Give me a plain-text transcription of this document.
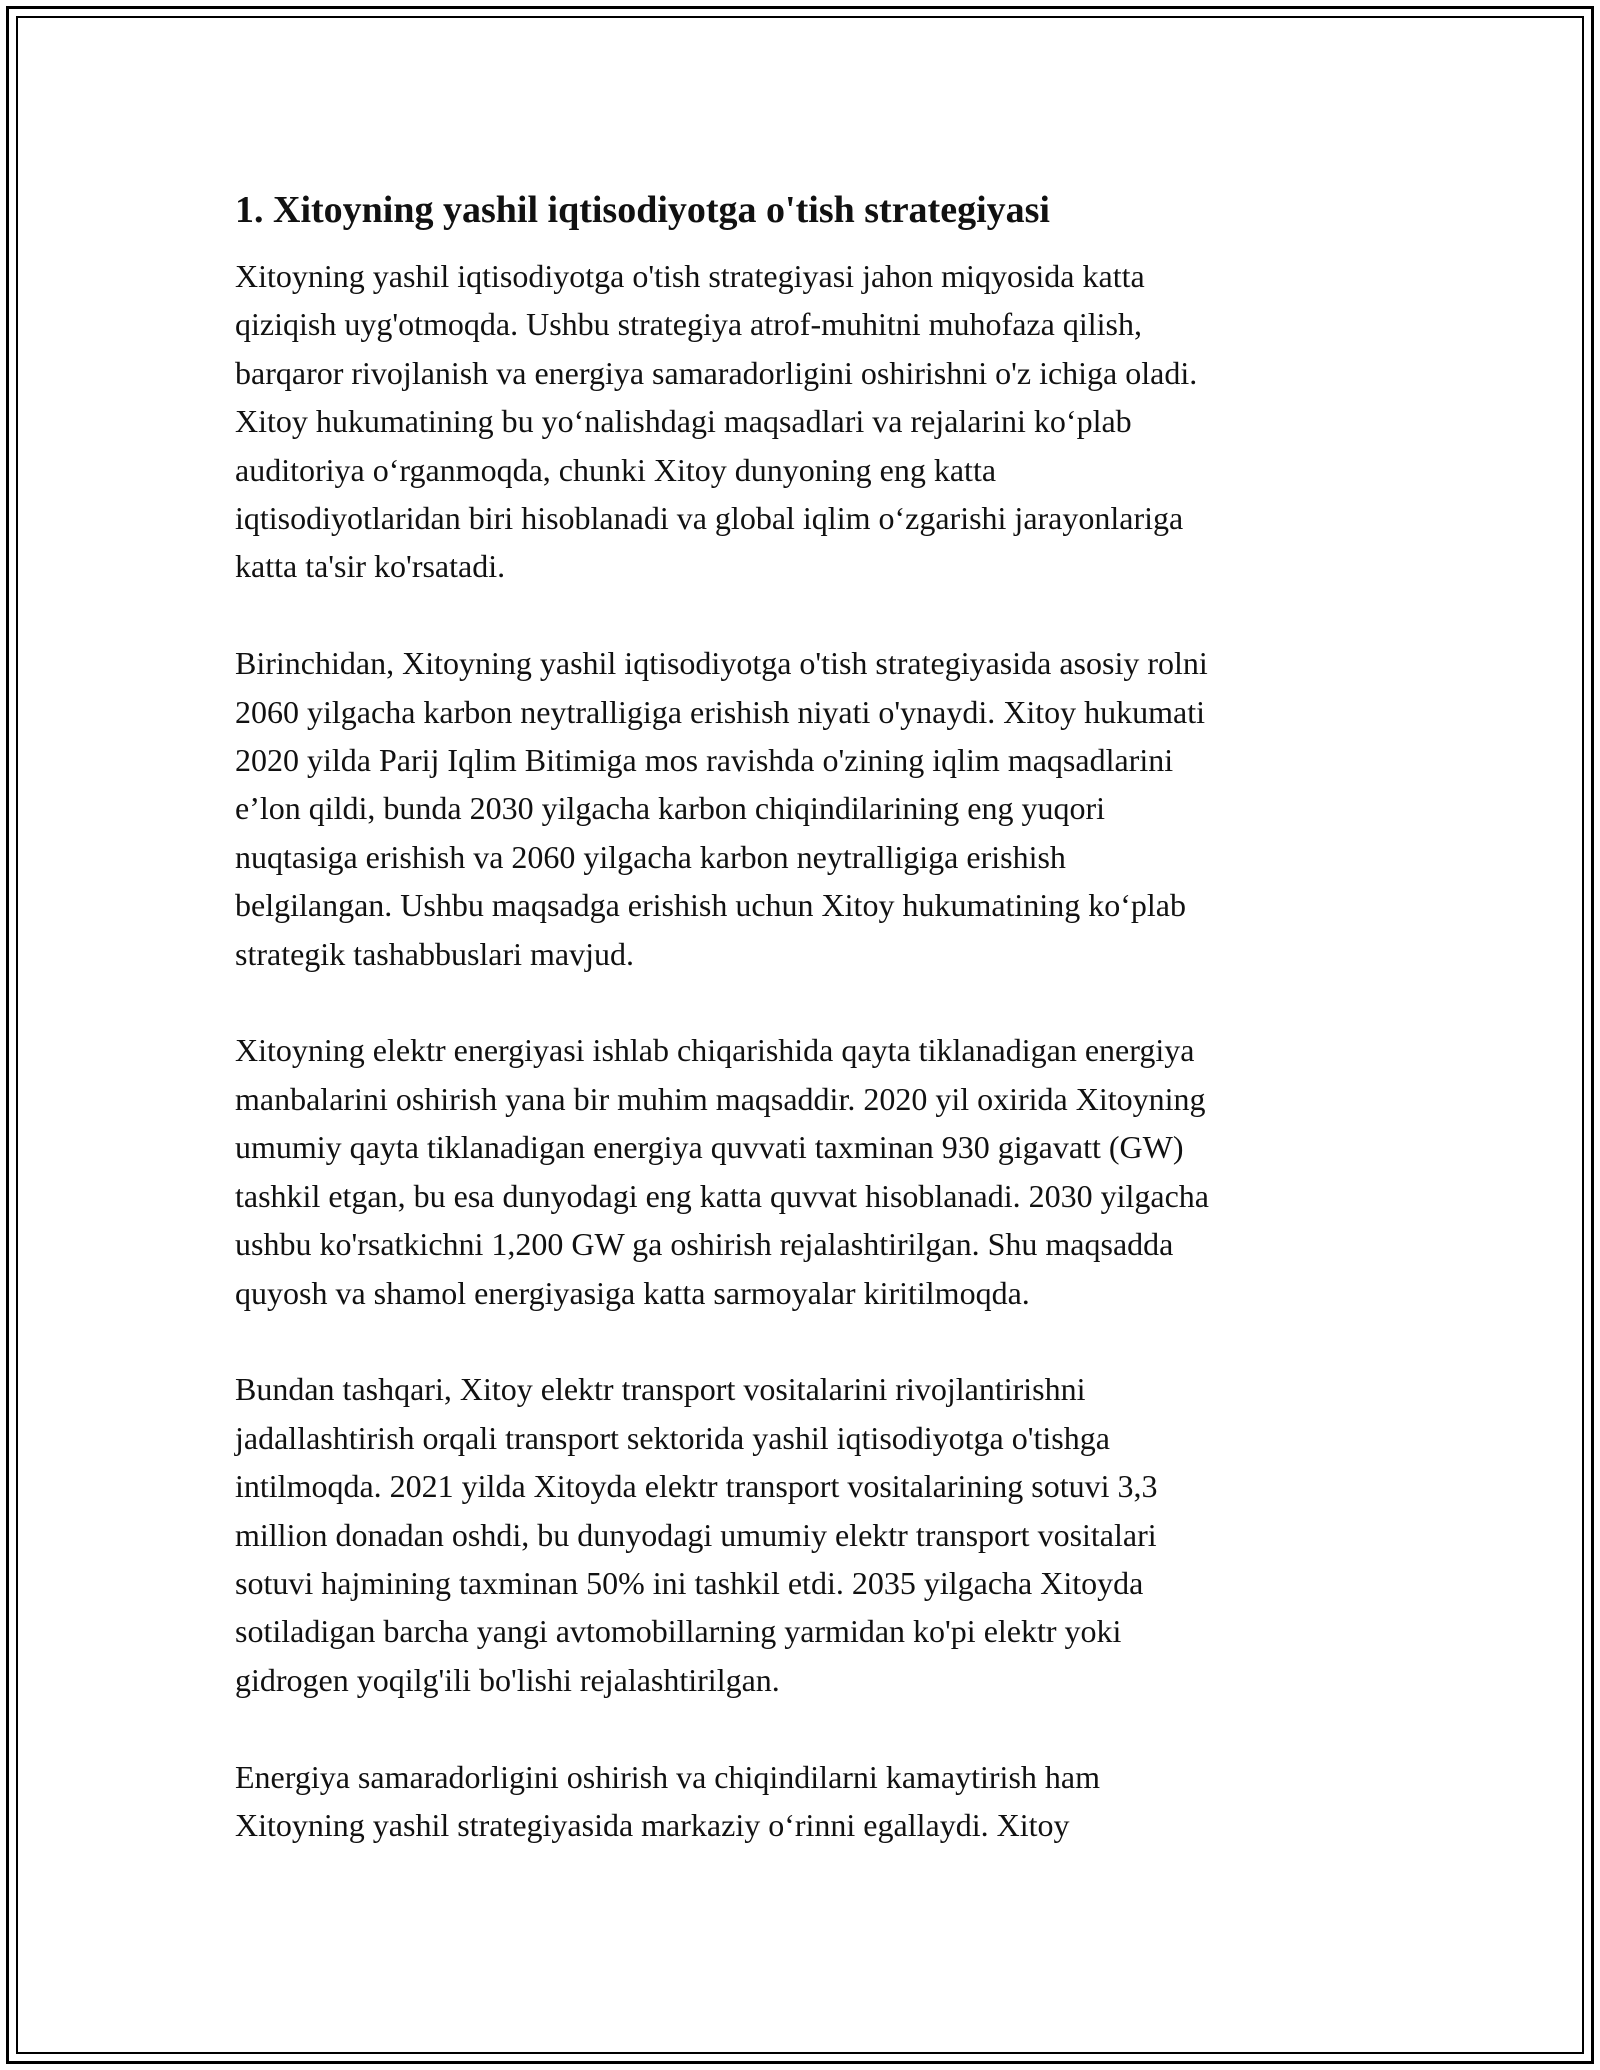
1. Xitoyning yashil iqtisodiyotga o'tish strategiyasi
Xitoyning yashil iqtisodiyotga o'tish strategiyasi jahon miqyosida katta
qiziqish uyg'otmoqda. Ushbu strategiya atrof-muhitni muhofaza qilish,
barqaror rivojlanish va energiya samaradorligini oshirishni o'z ichiga oladi.
Xitoy hukumatining bu yo‘nalishdagi maqsadlari va rejalarini ko‘plab
auditoriya o‘rganmoqda, chunki Xitoy dunyoning eng katta
iqtisodiyotlaridan biri hisoblanadi va global iqlim o‘zgarishi jarayonlariga
katta ta'sir ko'rsatadi.
Birinchidan, Xitoyning yashil iqtisodiyotga o'tish strategiyasida asosiy rolni
2060 yilgacha karbon neytralligiga erishish niyati o'ynaydi. Xitoy hukumati
2020 yilda Parij Iqlim Bitimiga mos ravishda o'zining iqlim maqsadlarini
e’lon qildi, bunda 2030 yilgacha karbon chiqindilarining eng yuqori
nuqtasiga erishish va 2060 yilgacha karbon neytralligiga erishish
belgilangan. Ushbu maqsadga erishish uchun Xitoy hukumatining ko‘plab
strategik tashabbuslari mavjud.
Xitoyning elektr energiyasi ishlab chiqarishida qayta tiklanadigan energiya
manbalarini oshirish yana bir muhim maqsaddir. 2020 yil oxirida Xitoyning
umumiy qayta tiklanadigan energiya quvvati taxminan 930 gigavatt (GW)
tashkil etgan, bu esa dunyodagi eng katta quvvat hisoblanadi. 2030 yilgacha
ushbu ko'rsatkichni 1,200 GW ga oshirish rejalashtirilgan. Shu maqsadda
quyosh va shamol energiyasiga katta sarmoyalar kiritilmoqda.
Bundan tashqari, Xitoy elektr transport vositalarini rivojlantirishni
jadallashtirish orqali transport sektorida yashil iqtisodiyotga o'tishga
intilmoqda. 2021 yilda Xitoyda elektr transport vositalarining sotuvi 3,3
million donadan oshdi, bu dunyodagi umumiy elektr transport vositalari
sotuvi hajmining taxminan 50% ini tashkil etdi. 2035 yilgacha Xitoyda
sotiladigan barcha yangi avtomobillarning yarmidan ko'pi elektr yoki
gidrogen yoqilg'ili bo'lishi rejalashtirilgan.
Energiya samaradorligini oshirish va chiqindilarni kamaytirish ham
Xitoyning yashil strategiyasida markaziy o‘rinni egallaydi. Xitoy
